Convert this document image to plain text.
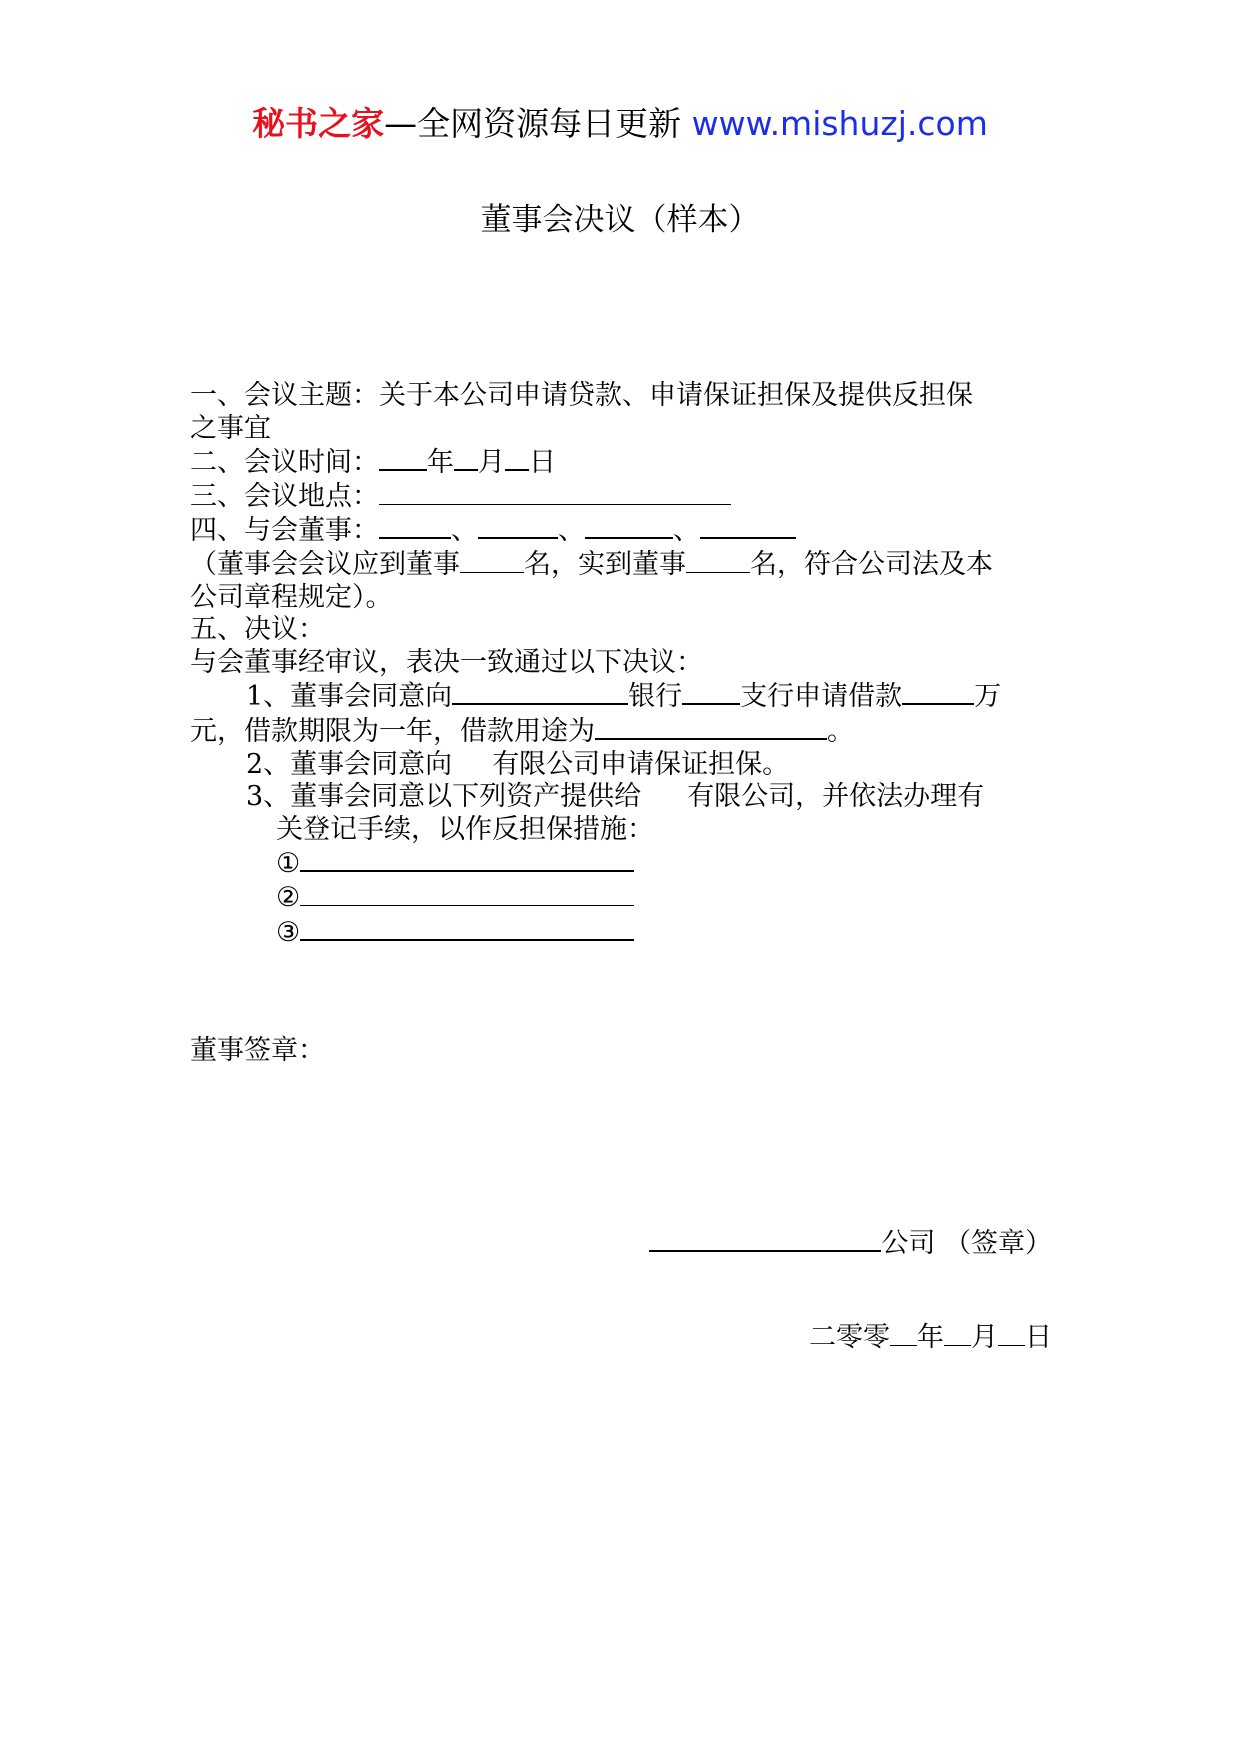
秘书之家—全网资源每日更新 www.mishuzj.com
董事会决议（样本）
一、会议主题：关于本公司申请贷款、申请保证担保及提供反担保
之事宜
二、会议时间： 年 月 日
三、会议地点：
四、与会董事：	、	、	、
（董事会会议应到董事 名，实到董事 名，符合公司法及本
公司章程规定）。
五、决议：
与会董事经审议，表决一致通过以下决议：
1、董事会同意向	银行 支行申请借款	万
元，借款期限为一年，借款用途为	。
2、董事会同意向 有限公司申请保证担保。
3、董事会同意以下列资产提供给 有限公司，并依法办理有
关登记手续，以作反担保措施：
①
②
③
董事签章：
公司 （签章）
二零零 年 月 日
